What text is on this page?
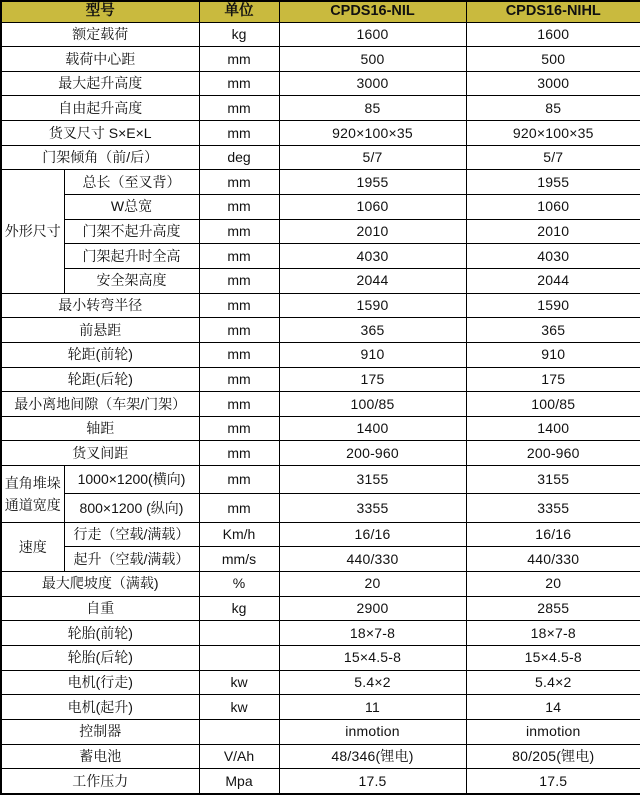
型号		单位	CPDS16-NIL	CPDS16-NIHL
额定载荷		kg	1600	1600
载荷中心距		mm	500	500
最大起升高度		mm	3000	3000
自由起升高度		mm	85	85
货叉尺寸 S×E×L		mm	920×100×35	920×100×35
门架倾角（前/后）		deg	5/7	5/7
外形尺寸	总长（至叉背）	mm	1955	1955
	W总宽	mm	1060	1060
	门架不起升高度	mm	2010	2010
	门架起升时全高	mm	4030	4030
	安全架高度	mm	2044	2044
最小转弯半径		mm	1590	1590
前悬距		mm	365	365
轮距(前轮)		mm	910	910
轮距(后轮)		mm	175	175
最小离地间隙（车架/门架）		mm	100/85	100/85
轴距		mm	1400	1400
货叉间距		mm	200-960	200-960
直角堆垛通道宽度	1000×1200(横向)	mm	3155	3155
	800×1200 (纵向)	mm	3355	3355
速度	行走（空载/满载）	Km/h	16/16	16/16
	起升（空载/满载）	mm/s	440/330	440/330
最大爬坡度（满载)		%	20	20
自重		kg	2900	2855
轮胎(前轮)			18×7-8	18×7-8
轮胎(后轮)			15×4.5-8	15×4.5-8
电机(行走)		kw	5.4×2	5.4×2
电机(起升)		kw	11	14
控制器			inmotion	inmotion
蓄电池		V/Ah	48/346(锂电)	80/205(锂电)
工作压力		Mpa	17.5	17.5
